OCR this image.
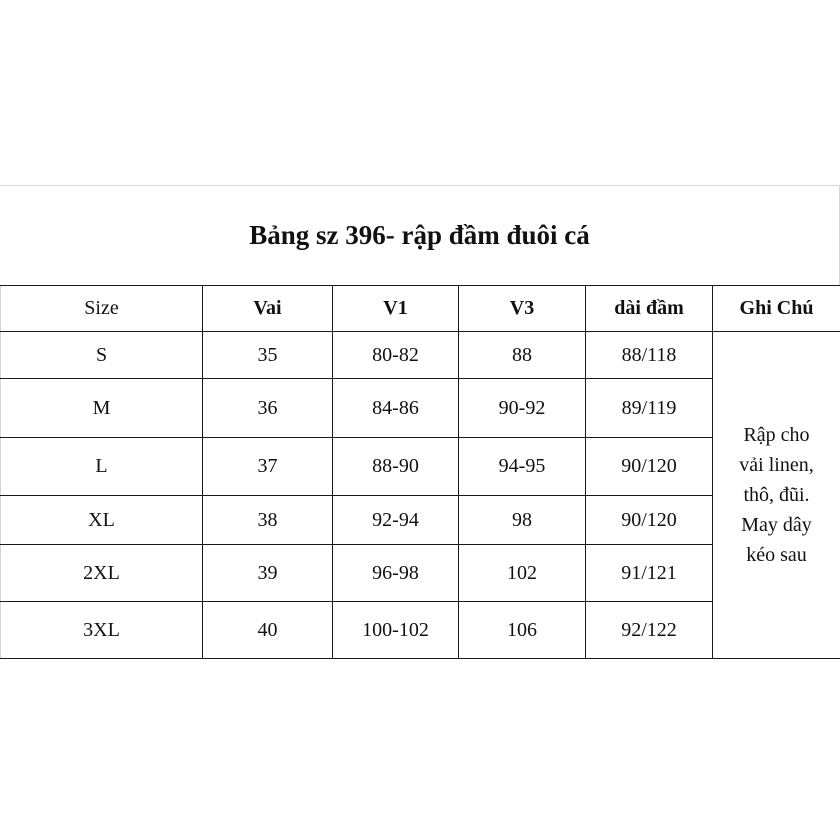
Bảng sz 396- rập đầm đuôi cá
Size	Vai	V1	V3	dài đầm	Ghi Chú
S	35	80-82	88	88/118	Rập cho
vải linen,
thô, đũi.
May dây
kéo sau

M	36	84-86	90-92	89/119	
L	37	88-90	94-95	90/120	
XL	38	92-94	98	90/120	
2XL	39	96-98	102	91/121	
3XL	40	100-102	106	92/122	
